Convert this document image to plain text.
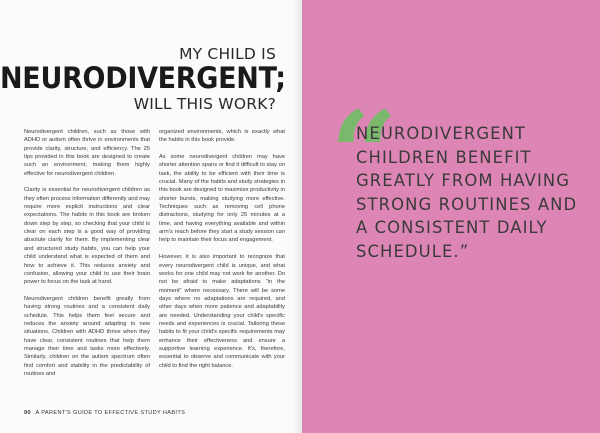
MY CHILD IS
NEURODIVERGENT;
WILL THIS WORK?

Neurodivergent children, such as those with ADHD or autism often thrive in environments that provide clarity, structure, and efficiency. The 25 tips provided in this book are designed to create such an environment, making them highly effective for neurodivergent children.

Clarity is essential for neurodivergent children as they often process information differently and may require more explicit instructions and clear expectations. The habits in this book are broken down step by step, so checking that your child is clear on each step is a good way of providing absolute clarity for them. By implementing clear and structured study habits, you can help your child understand what is expected of them and how to achieve it. This reduces anxiety and confusion, allowing your child to use their brain power to focus on the task at hand.

Neurodivergent children benefit greatly from having strong routines and a consistent daily schedule. This helps them feel secure and reduces the anxiety around adapting to new situations. Children with ADHD thrive when they have clear, consistent routines that help them manage their time and tasks more effectively. Similarly, children on the autism spectrum often find comfort and stability in the predictability of routines and

organized environments, which is exactly what the habits in this book provide.

As some neurodivergent children may have shorter attention spans or find it difficult to stay on task, the ability to be efficient with their time is crucial. Many of the habits and study strategies in this book are designed to maximize productivity in shorter bursts, making studying more effective. Techniques such as removing cell phone distractions, studying for only 25 minutes at a time, and having everything available and within arm's reach before they start a study session can help to maintain their focus and engagement.

However, it is also important to recognize that every neurodivergent child is unique, and what works for one child may not work for another. Do not be afraid to make adaptations "in the moment" where necessary. There will be some days where no adaptations are required, and other days when more patience and adaptability are needed. Understanding your child's specific needs and experiences is crucial. Tailoring these habits to fit your child's specific requirements may enhance their effectiveness and ensure a supportive learning experience. It's, therefore, essential to observe and communicate with your child to find the right balance.

90 A PARENT'S GUIDE TO EFFECTIVE STUDY HABITS
“
NEURODIVERGENT CHILDREN BENEFIT GREATLY FROM HAVING STRONG ROUTINES AND A CONSISTENT DAILY SCHEDULE.”
